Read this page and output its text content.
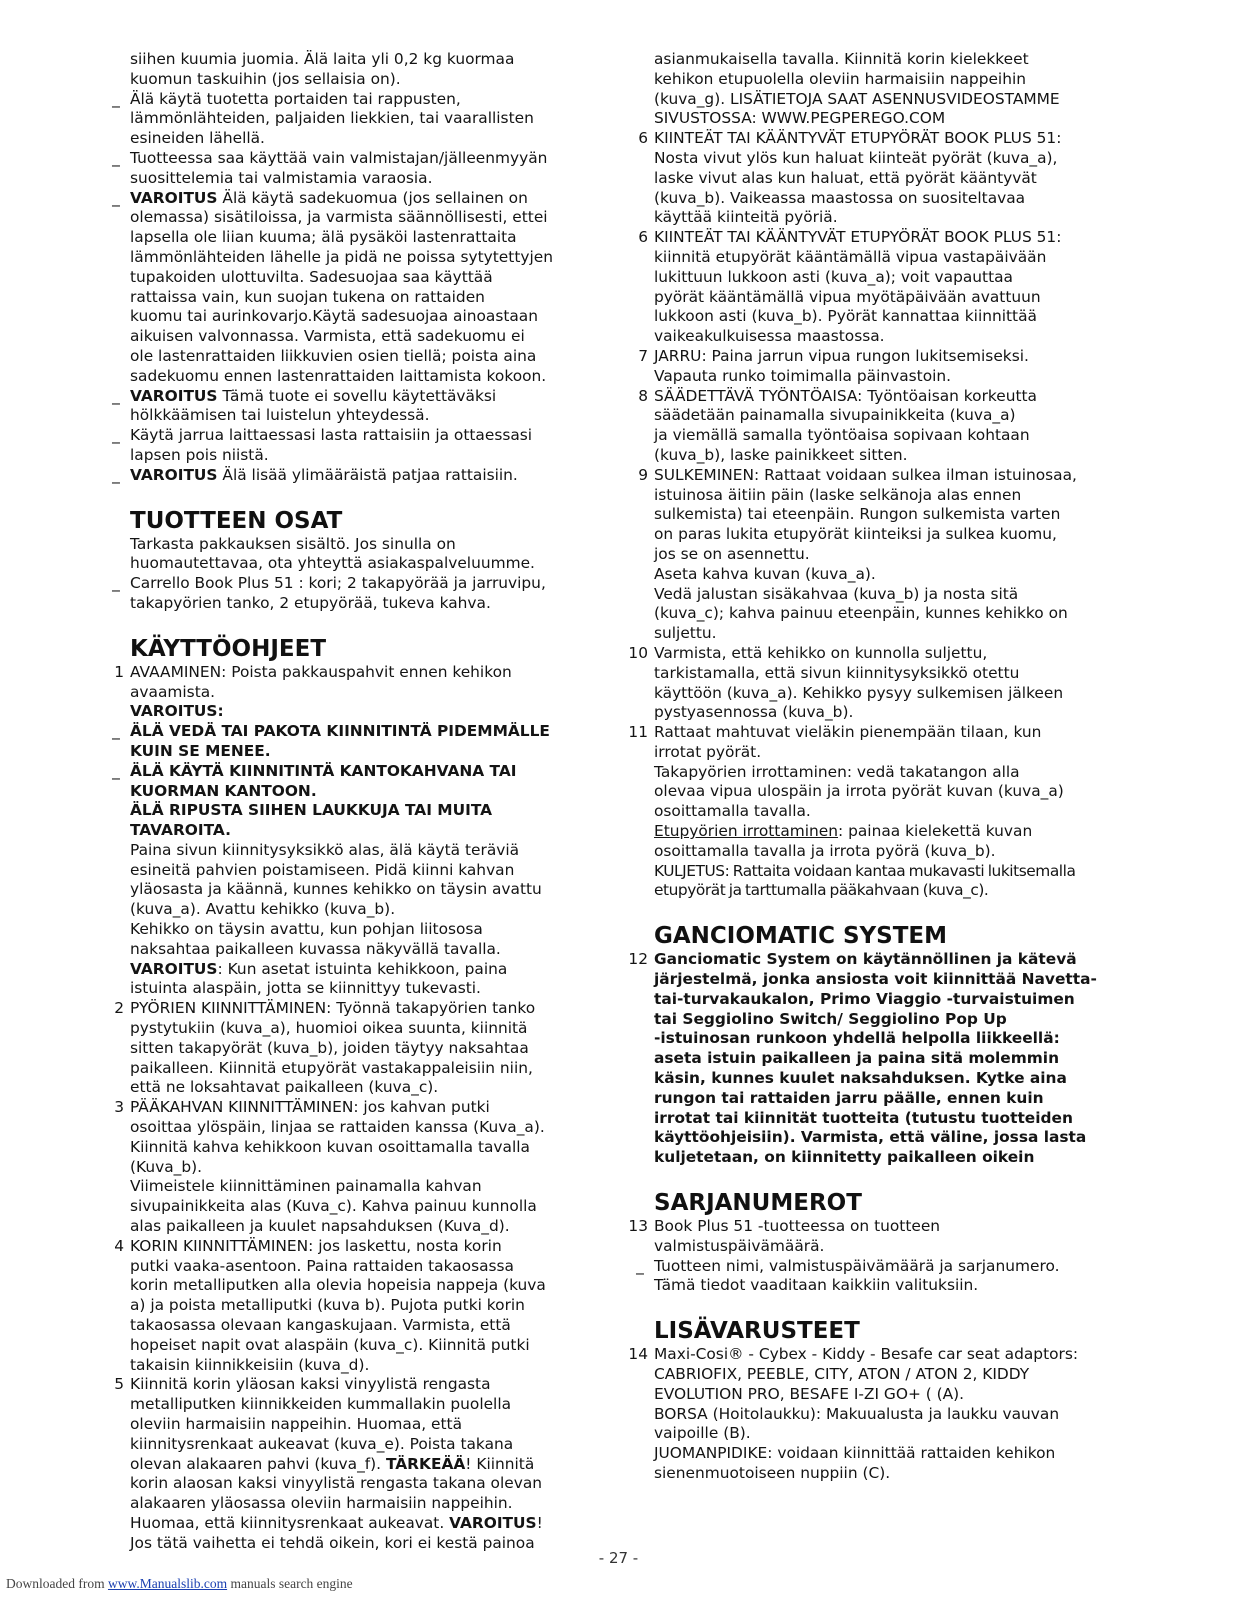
siihen kuumia juomia. Älä laita yli 0,2 kg kuormaa
kuomun taskuihin (jos sellaisia on).
_ Älä käytä tuotetta portaiden tai rappusten,
lämmönlähteiden, paljaiden liekkien, tai vaarallisten
esineiden lähellä.
_ Tuotteessa saa käyttää vain valmistajan/jälleenmyyän
suosittelemia tai valmistamia varaosia.
_ VAROITUS Älä käytä sadekuomua (jos sellainen on
olemassa) sisätiloissa, ja varmista säännöllisesti, ettei
lapsella ole liian kuuma; älä pysäköi lastenrattaita
lämmönlähteiden lähelle ja pidä ne poissa sytytettyjen
tupakoiden ulottuvilta. Sadesuojaa saa käyttää
rattaissa vain, kun suojan tukena on rattaiden
kuomu tai aurinkovarjo.Käytä sadesuojaa ainoastaan
aikuisen valvonnassa. Varmista, että sadekuomu ei
ole lastenrattaiden liikkuvien osien tiellä; poista aina
sadekuomu ennen lastenrattaiden laittamista kokoon.
_ VAROITUS Tämä tuote ei sovellu käytettäväksi
hölkkäämisen tai luistelun yhteydessä.
_ Käytä jarrua laittaessasi lasta rattaisiin ja ottaessasi
lapsen pois niistä.
_ VAROITUS Älä lisää ylimääräistä patjaa rattaisiin.
TUOTTEEN OSAT
Tarkasta pakkauksen sisältö. Jos sinulla on
huomautettavaa, ota yhteyttä asiakaspalveluumme.
_ Carrello Book Plus 51 : kori; 2 takapyörää ja jarruvipu,
takapyörien tanko, 2 etupyörää, tukeva kahva.
KÄYTTÖOHJEET
1 AVAAMINEN: Poista pakkauspahvit ennen kehikon
avaamista.
VAROITUS:
_ ÄLÄ VEDÄ TAI PAKOTA KIINNITINTÄ PIDEMMÄLLE
KUIN SE MENEE.
_ ÄLÄ KÄYTÄ KIINNITINTÄ KANTOKAHVANA TAI
KUORMAN KANTOON.
ÄLÄ RIPUSTA SIIHEN LAUKKUJA TAI MUITA
TAVAROITA.
Paina sivun kiinnitysyksikkö alas, älä käytä teräviä
esineitä pahvien poistamiseen. Pidä kiinni kahvan
yläosasta ja käännä, kunnes kehikko on täysin avattu
(kuva_a). Avattu kehikko (kuva_b).
Kehikko on täysin avattu, kun pohjan liitososa
naksahtaa paikalleen kuvassa näkyvällä tavalla.
VAROITUS: Kun asetat istuinta kehikkoon, paina
istuinta alaspäin, jotta se kiinnittyy tukevasti.
2 PYÖRIEN KIINNITTÄMINEN: Työnnä takapyörien tanko
pystytukiin (kuva_a), huomioi oikea suunta, kiinnitä
sitten takapyörät (kuva_b), joiden täytyy naksahtaa
paikalleen. Kiinnitä etupyörät vastakappaleisiin niin,
että ne loksahtavat paikalleen (kuva_c).
3 PÄÄKAHVAN KIINNITTÄMINEN: jos kahvan putki
osoittaa ylöspäin, linjaa se rattaiden kanssa (Kuva_a).
Kiinnitä kahva kehikkoon kuvan osoittamalla tavalla
(Kuva_b).
Viimeistele kiinnittäminen painamalla kahvan
sivupainikkeita alas (Kuva_c). Kahva painuu kunnolla
alas paikalleen ja kuulet napsahduksen (Kuva_d).
4 KORIN KIINNITTÄMINEN: jos laskettu, nosta korin
putki vaaka-asentoon. Paina rattaiden takaosassa
korin metalliputken alla olevia hopeisia nappeja (kuva
a) ja poista metalliputki (kuva b). Pujota putki korin
takaosassa olevaan kangaskujaan. Varmista, että
hopeiset napit ovat alaspäin (kuva_c). Kiinnitä putki
takaisin kiinnikkeisiin (kuva_d).
5 Kiinnitä korin yläosan kaksi vinyylistä rengasta
metalliputken kiinnikkeiden kummallakin puolella
oleviin harmaisiin nappeihin. Huomaa, että
kiinnitysrenkaat aukeavat (kuva_e). Poista takana
olevan alakaaren pahvi (kuva_f). TÄRKEÄÄ! Kiinnitä
korin alaosan kaksi vinyylistä rengasta takana olevan
alakaaren yläosassa oleviin harmaisiin nappeihin.
Huomaa, että kiinnitysrenkaat aukeavat. VAROITUS!
Jos tätä vaihetta ei tehdä oikein, kori ei kestä painoa
asianmukaisella tavalla. Kiinnitä korin kielekkeet
kehikon etupuolella oleviin harmaisiin nappeihin
(kuva_g). LISÄTIETOJA SAAT ASENNUSVIDEOSTAMME
SIVUSTOSSA: WWW.PEGPEREGO.COM
6 KIINTEÄT TAI KÄÄNTYVÄT ETUPYÖRÄT BOOK PLUS 51:
Nosta vivut ylös kun haluat kiinteät pyörät (kuva_a),
laske vivut alas kun haluat, että pyörät kääntyvät
(kuva_b). Vaikeassa maastossa on suositeltavaa
käyttää kiinteitä pyöriä.
6 KIINTEÄT TAI KÄÄNTYVÄT ETUPYÖRÄT BOOK PLUS 51:
kiinnitä etupyörät kääntämällä vipua vastapäivään
lukittuun lukkoon asti (kuva_a); voit vapauttaa
pyörät kääntämällä vipua myötäpäivään avattuun
lukkoon asti (kuva_b). Pyörät kannattaa kiinnittää
vaikeakulkuisessa maastossa.
7 JARRU: Paina jarrun vipua rungon lukitsemiseksi.
Vapauta runko toimimalla päinvastoin.
8 SÄÄDETTÄVÄ TYÖNTÖAISA: Työntöaisan korkeutta
säädetään painamalla sivupainikkeita (kuva_a)
ja viemällä samalla työntöaisa sopivaan kohtaan
(kuva_b), laske painikkeet sitten.
9 SULKEMINEN: Rattaat voidaan sulkea ilman istuinosaa,
istuinosa äitiin päin (laske selkänoja alas ennen
sulkemista) tai eteenpäin. Rungon sulkemista varten
on paras lukita etupyörät kiinteiksi ja sulkea kuomu,
jos se on asennettu.
Aseta kahva kuvan (kuva_a).
Vedä jalustan sisäkahvaa (kuva_b) ja nosta sitä
(kuva_c); kahva painuu eteenpäin, kunnes kehikko on
suljettu.
10 Varmista, että kehikko on kunnolla suljettu,
tarkistamalla, että sivun kiinnitysyksikkö otettu
käyttöön (kuva_a). Kehikko pysyy sulkemisen jälkeen
pystyasennossa (kuva_b).
11 Rattaat mahtuvat vieläkin pienempään tilaan, kun
irrotat pyörät.
Takapyörien irrottaminen: vedä takatangon alla
olevaa vipua ulospäin ja irrota pyörät kuvan (kuva_a)
osoittamalla tavalla.
Etupyörien irrottaminen: painaa kielekettä kuvan
osoittamalla tavalla ja irrota pyörä (kuva_b).
KULJETUS: Rattaita voidaan kantaa mukavasti lukitsemalla
etupyörät ja tarttumalla pääkahvaan (kuva_c).
GANCIOMATIC SYSTEM
12 Ganciomatic System on käytännöllinen ja kätevä
järjestelmä, jonka ansiosta voit kiinnittää Navetta-
tai-turvakaukalon, Primo Viaggio -turvaistuimen
tai Seggiolino Switch/ Seggiolino Pop Up
-istuinosan runkoon yhdellä helpolla liikkeellä:
aseta istuin paikalleen ja paina sitä molemmin
käsin, kunnes kuulet naksahduksen. Kytke aina
rungon tai rattaiden jarru päälle, ennen kuin
irrotat tai kiinnität tuotteita (tutustu tuotteiden
käyttöohjeisiin). Varmista, että väline, jossa lasta
kuljetetaan, on kiinnitetty paikalleen oikein
SARJANUMEROT
13 Book Plus 51 -tuotteessa on tuotteen
valmistuspäivämäärä.
_ Tuotteen nimi, valmistuspäivämäärä ja sarjanumero.
Tämä tiedot vaaditaan kaikkiin valituksiin.
LISÄVARUSTEET
14 Maxi-Cosi® - Cybex - Kiddy - Besafe car seat adaptors:
CABRIOFIX, PEEBLE, CITY, ATON / ATON 2, KIDDY
EVOLUTION PRO, BESAFE I-ZI GO+ ( (A).
BORSA (Hoitolaukku): Makuualusta ja laukku vauvan
vaipoille (B).
JUOMANPIDIKE: voidaan kiinnittää rattaiden kehikon
sienenmuotoiseen nuppiin (C).
- 27 -
Downloaded from www.Manualslib.com manuals search engine
